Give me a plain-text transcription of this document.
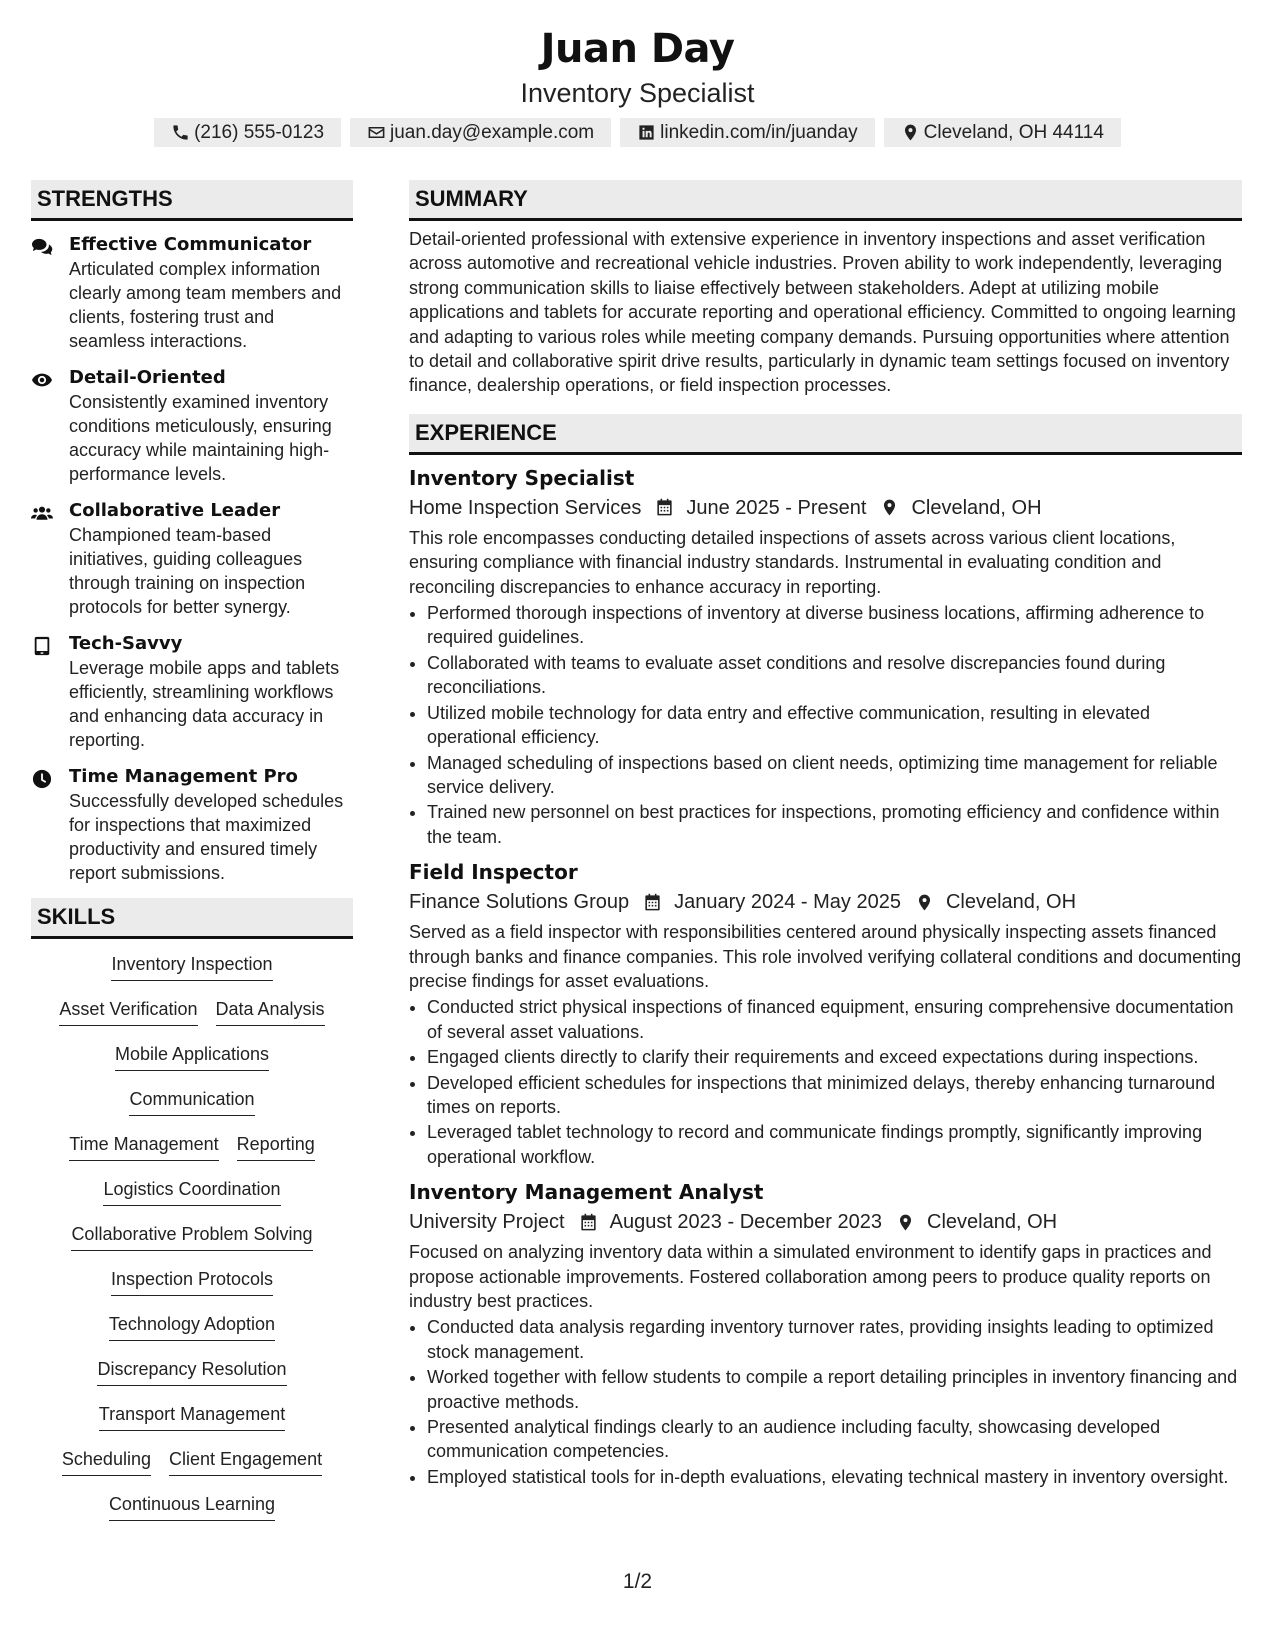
Juan Day
Inventory Specialist
(216) 555-0123	juan.day@example.com	linkedin.com/in/juanday	Cleveland, OH 44114
STRENGTHS
Effective Communicator
Articulated complex information clearly among team members and clients, fostering trust and seamless interactions.
Detail-Oriented
Consistently examined inventory conditions meticulously, ensuring accuracy while maintaining high-performance levels.
Collaborative Leader
Championed team-based initiatives, guiding colleagues through training on inspection protocols for better synergy.
Tech-Savvy
Leverage mobile apps and tablets efficiently, streamlining workflows and enhancing data accuracy in reporting.
Time Management Pro
Successfully developed schedules for inspections that maximized productivity and ensured timely report submissions.
SKILLS
Inventory Inspection
Asset Verification Data Analysis
Mobile Applications
Communication
Time Management Reporting
Logistics Coordination
Collaborative Problem Solving
Inspection Protocols
Technology Adoption
Discrepancy Resolution
Transport Management
Scheduling Client Engagement
Continuous Learning
SUMMARY
Detail-oriented professional with extensive experience in inventory inspections and asset verification across automotive and recreational vehicle industries. Proven ability to work independently, leveraging strong communication skills to liaise effectively between stakeholders. Adept at utilizing mobile applications and tablets for accurate reporting and operational efficiency. Committed to ongoing learning and adapting to various roles while meeting company demands. Pursuing opportunities where attention to detail and collaborative spirit drive results, particularly in dynamic team settings focused on inventory finance, dealership operations, or field inspection processes.
EXPERIENCE
Inventory Specialist
Home Inspection Services June 2025 - Present Cleveland, OH
This role encompasses conducting detailed inspections of assets across various client locations, ensuring compliance with financial industry standards. Instrumental in evaluating condition and reconciling discrepancies to enhance accuracy in reporting.
• Performed thorough inspections of inventory at diverse business locations, affirming adherence to required guidelines.
• Collaborated with teams to evaluate asset conditions and resolve discrepancies found during reconciliations.
• Utilized mobile technology for data entry and effective communication, resulting in elevated operational efficiency.
• Managed scheduling of inspections based on client needs, optimizing time management for reliable service delivery.
• Trained new personnel on best practices for inspections, promoting efficiency and confidence within the team.
Field Inspector
Finance Solutions Group January 2024 - May 2025 Cleveland, OH
Served as a field inspector with responsibilities centered around physically inspecting assets financed through banks and finance companies. This role involved verifying collateral conditions and documenting precise findings for asset evaluations.
• Conducted strict physical inspections of financed equipment, ensuring comprehensive documentation of several asset valuations.
• Engaged clients directly to clarify their requirements and exceed expectations during inspections.
• Developed efficient schedules for inspections that minimized delays, thereby enhancing turnaround times on reports.
• Leveraged tablet technology to record and communicate findings promptly, significantly improving operational workflow.
Inventory Management Analyst
University Project August 2023 - December 2023 Cleveland, OH
Focused on analyzing inventory data within a simulated environment to identify gaps in practices and propose actionable improvements. Fostered collaboration among peers to produce quality reports on industry best practices.
• Conducted data analysis regarding inventory turnover rates, providing insights leading to optimized stock management.
• Worked together with fellow students to compile a report detailing principles in inventory financing and proactive methods.
• Presented analytical findings clearly to an audience including faculty, showcasing developed communication competencies.
• Employed statistical tools for in-depth evaluations, elevating technical mastery in inventory oversight.
1/2
